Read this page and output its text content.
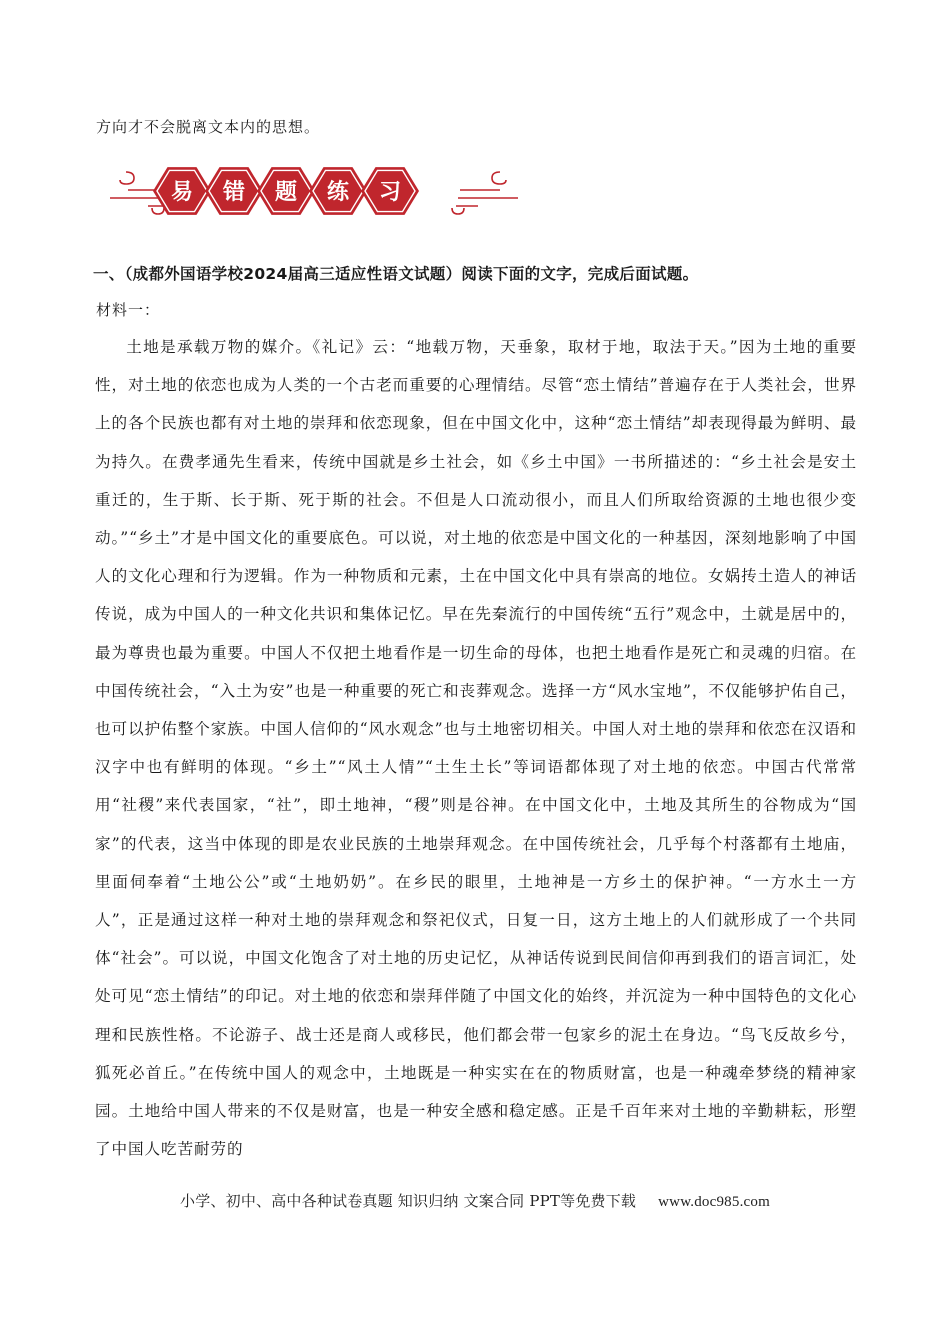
方向才不会脱离文本内的思想。
易 错 题 练 习
一、（成都外国语学校2024届高三适应性语文试题）阅读下面的文字，完成后面试题。
材料一：

土地是承载万物的媒介。《礼记》云：“地载万物，天垂象，取材于地，取法于天。”因为土地的重要性，对土地的依恋也成为人类的一个古老而重要的心理情结。尽管“恋土情结”普遍存在于人类社会，世界上的各个民族也都有对土地的崇拜和依恋现象，但在中国文化中，这种“恋土情结”却表现得最为鲜明、最为持久。在费孝通先生看来，传统中国就是乡土社会，如《乡土中国》一书所描述的：“乡土社会是安土重迁的，生于斯、长于斯、死于斯的社会。不但是人口流动很小，而且人们所取给资源的土地也很少变动。”“乡土”才是中国文化的重要底色。可以说，对土地的依恋是中国文化的一种基因，深刻地影响了中国人的文化心理和行为逻辑。作为一种物质和元素，土在中国文化中具有崇高的地位。女娲抟土造人的神话传说，成为中国人的一种文化共识和集体记忆。早在先秦流行的中国传统“五行”观念中，土就是居中的，最为尊贵也最为重要。中国人不仅把土地看作是一切生命的母体，也把土地看作是死亡和灵魂的归宿。在中国传统社会，“入土为安”也是一种重要的死亡和丧葬观念。选择一方“风水宝地”，不仅能够护佑自己，也可以护佑整个家族。中国人信仰的“风水观念”也与土地密切相关。中国人对土地的崇拜和依恋在汉语和汉字中也有鲜明的体现。“乡土”“风土人情”“土生土长”等词语都体现了对土地的依恋。中国古代常常用“社稷”来代表国家，“社”，即土地神，“稷”则是谷神。在中国文化中，土地及其所生的谷物成为“国家”的代表，这当中体现的即是农业民族的土地崇拜观念。在中国传统社会，几乎每个村落都有土地庙，里面伺奉着“土地公公”或“土地奶奶”。在乡民的眼里，土地神是一方乡土的保护神。“一方水土一方人”，正是通过这样一种对土地的崇拜观念和祭祀仪式，日复一日，这方土地上的人们就形成了一个共同体“社会”。可以说，中国文化饱含了对土地的历史记忆，从神话传说到民间信仰再到我们的语言词汇，处处可见“恋土情结”的印记。对土地的依恋和崇拜伴随了中国文化的始终，并沉淀为一种中国特色的文化心理和民族性格。不论游子、战士还是商人或移民，他们都会带一包家乡的泥土在身边。“鸟飞反故乡兮，狐死必首丘。”在传统中国人的观念中，土地既是一种实实在在的物质财富，也是一种魂牵梦绕的精神家园。土地给中国人带来的不仅是财富，也是一种安全感和稳定感。正是千百年来对土地的辛勤耕耘，形塑了中国人吃苦耐劳的

小学、初中、高中各种试卷真题 知识归纳 文案合同 PPT等免费下载 www.doc985.com
